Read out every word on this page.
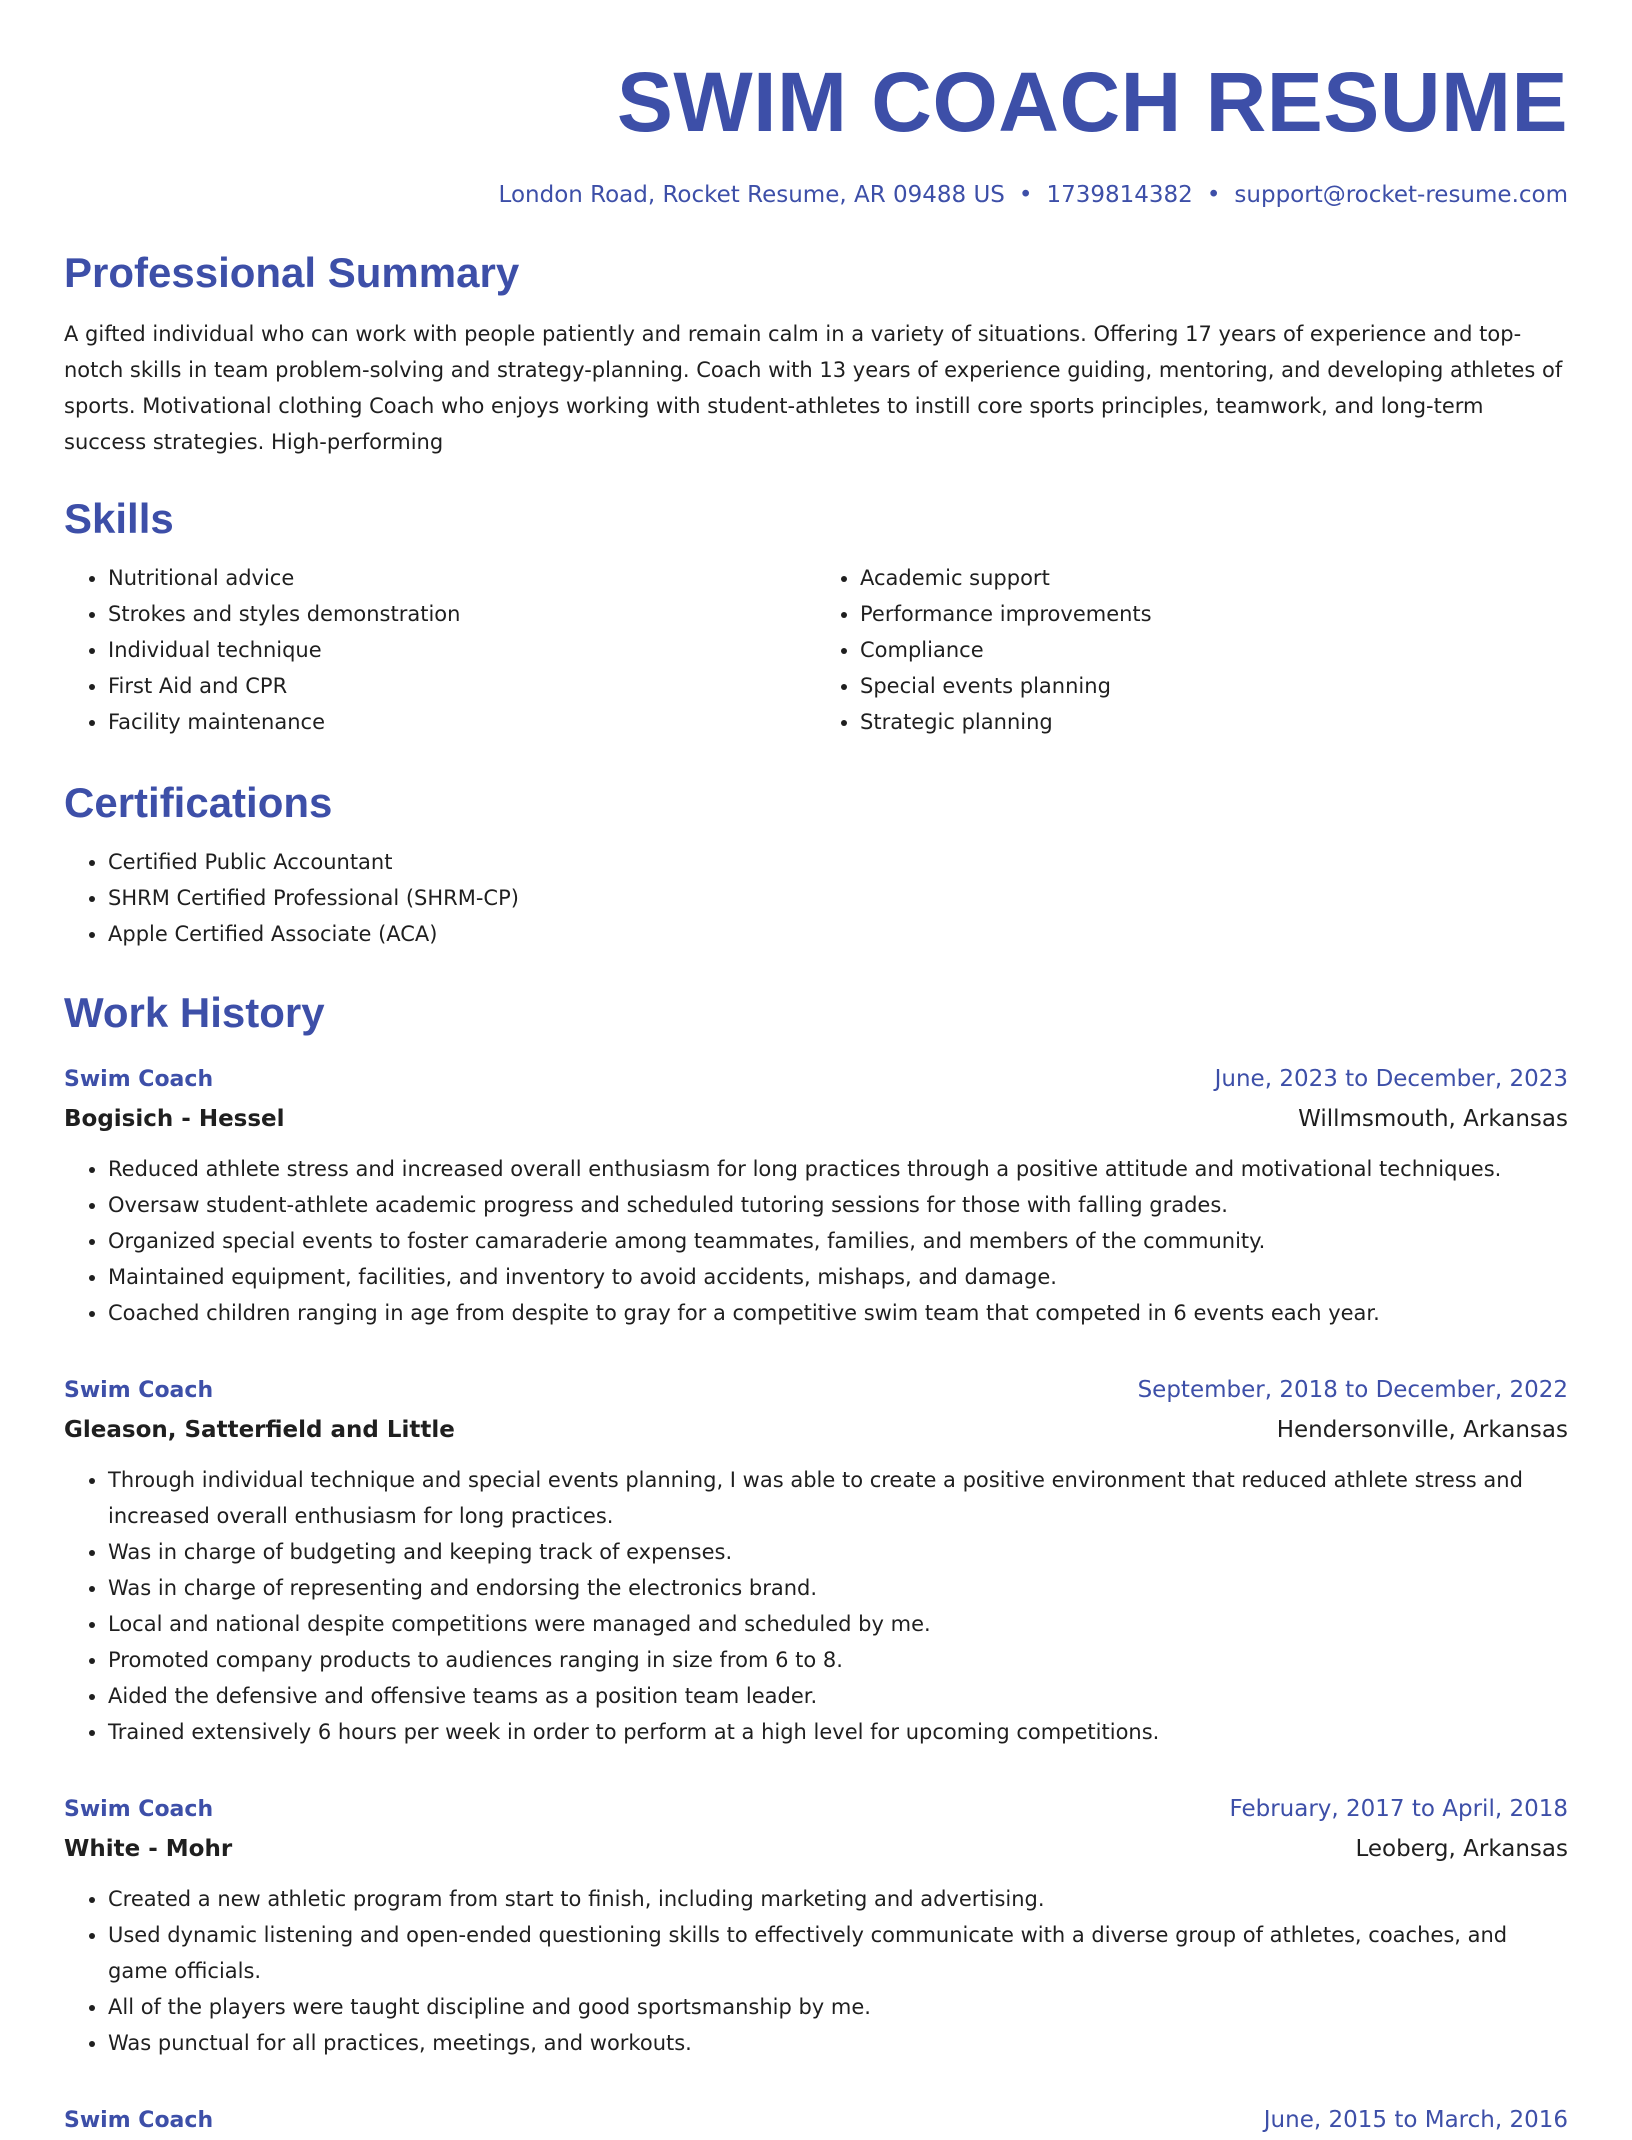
SWIM COACH RESUME
London Road, Rocket Resume, AR 09488 US • 1739814382 • support@rocket-resume.com
Professional Summary
A gifted individual who can work with people patiently and remain calm in a variety of situations. Offering 17 years of experience and top-notch skills in team problem-solving and strategy-planning. Coach with 13 years of experience guiding, mentoring, and developing athletes of sports. Motivational clothing Coach who enjoys working with student-athletes to instill core sports principles, teamwork, and long-term success strategies. High-performing
Skills
• Nutritional advice
• Strokes and styles demonstration
• Individual technique
• First Aid and CPR
• Facility maintenance
• Academic support
• Performance improvements
• Compliance
• Special events planning
• Strategic planning
Certifications
• Certified Public Accountant
• SHRM Certified Professional (SHRM-CP)
• Apple Certified Associate (ACA)
Work History
Swim Coach	June, 2023 to December, 2023
Bogisich - Hessel	Willmsmouth, Arkansas
• Reduced athlete stress and increased overall enthusiasm for long practices through a positive attitude and motivational techniques.
• Oversaw student-athlete academic progress and scheduled tutoring sessions for those with falling grades.
• Organized special events to foster camaraderie among teammates, families, and members of the community.
• Maintained equipment, facilities, and inventory to avoid accidents, mishaps, and damage.
• Coached children ranging in age from despite to gray for a competitive swim team that competed in 6 events each year.
Swim Coach	September, 2018 to December, 2022
Gleason, Satterfield and Little	Hendersonville, Arkansas
• Through individual technique and special events planning, I was able to create a positive environment that reduced athlete stress and increased overall enthusiasm for long practices.
• Was in charge of budgeting and keeping track of expenses.
• Was in charge of representing and endorsing the electronics brand.
• Local and national despite competitions were managed and scheduled by me.
• Promoted company products to audiences ranging in size from 6 to 8.
• Aided the defensive and offensive teams as a position team leader.
• Trained extensively 6 hours per week in order to perform at a high level for upcoming competitions.
Swim Coach	February, 2017 to April, 2018
White - Mohr	Leoberg, Arkansas
• Created a new athletic program from start to finish, including marketing and advertising.
• Used dynamic listening and open-ended questioning skills to effectively communicate with a diverse group of athletes, coaches, and game officials.
• All of the players were taught discipline and good sportsmanship by me.
• Was punctual for all practices, meetings, and workouts.
Swim Coach	June, 2015 to March, 2016
